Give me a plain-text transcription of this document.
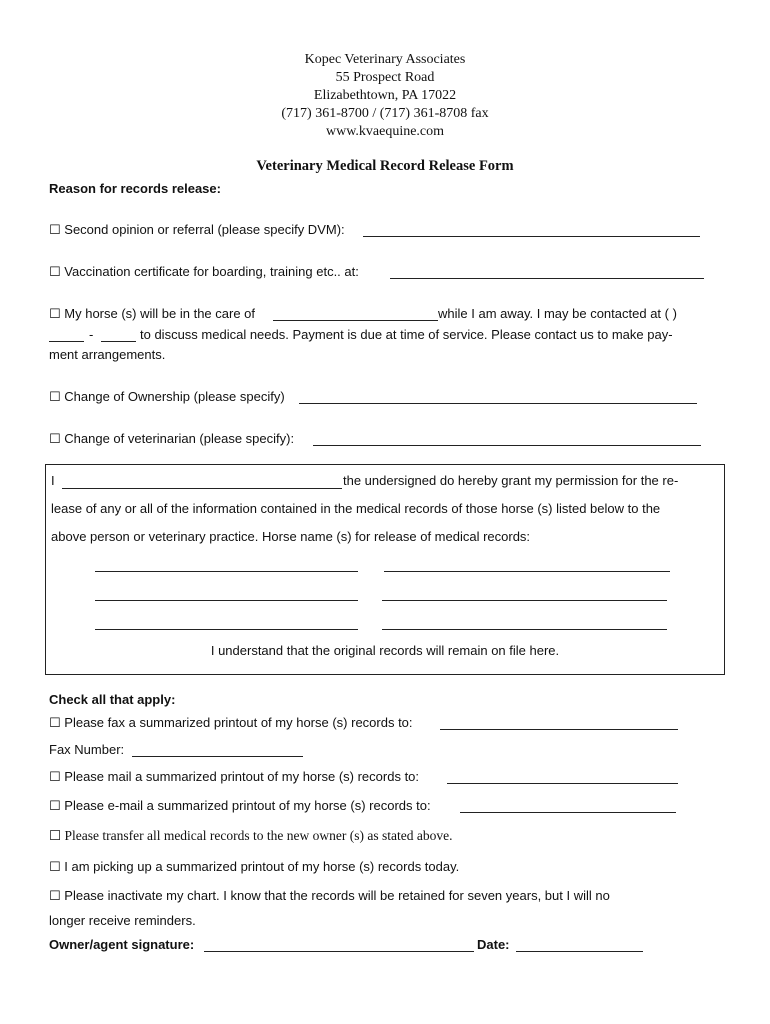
Kopec Veterinary Associates
55 Prospect Road
Elizabethtown, PA 17022
(717) 361-8700 / (717) 361-8708 fax
www.kvaequine.com
Veterinary Medical Record Release Form
Reason for records release:
☐ Second opinion or referral (please specify DVM):
☐ Vaccination certificate for boarding, training etc.. at:
☐ My horse (s) will be in the care of	while I am away. I may be contacted at ( )
-	to discuss medical needs. Payment is due at time of service. Please contact us to make pay-
ment arrangements.
☐ Change of Ownership (please specify)
☐ Change of veterinarian (please specify):
I	the undersigned do hereby grant my permission for the re-
lease of any or all of the information contained in the medical records of those horse (s) listed below to the
above person or veterinary practice. Horse name (s) for release of medical records:
I understand that the original records will remain on file here.
Check all that apply:
☐ Please fax a summarized printout of my horse (s) records to:
Fax Number:
☐ Please mail a summarized printout of my horse (s) records to:
☐ Please e-mail a summarized printout of my horse (s) records to:
☐ Please transfer all medical records to the new owner (s) as stated above.
☐ I am picking up a summarized printout of my horse (s) records today.
☐ Please inactivate my chart. I know that the records will be retained for seven years, but I will no
longer receive reminders.
Owner/agent signature:	Date:
